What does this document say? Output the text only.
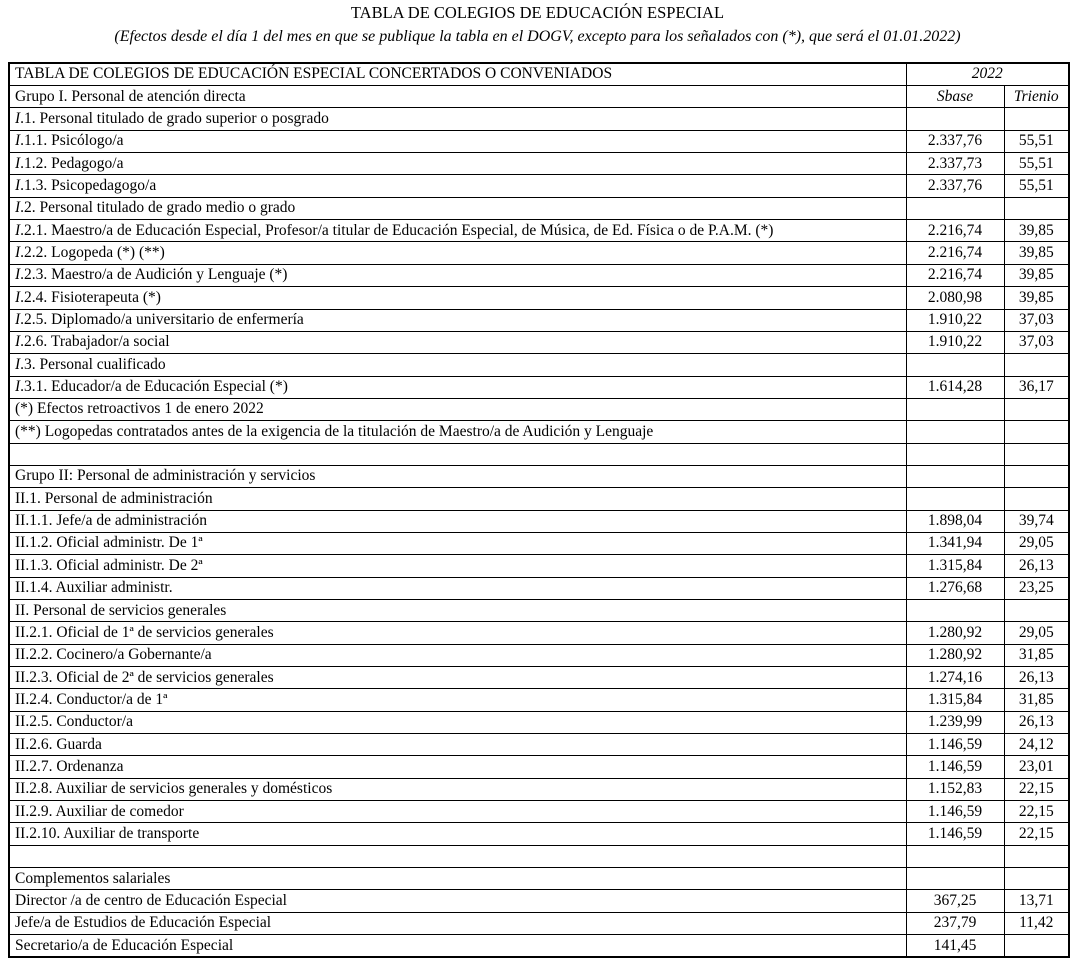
TABLA DE COLEGIOS DE EDUCACIÓN ESPECIAL
(Efectos desde el día 1 del mes en que se publique la tabla en el DOGV, excepto para los señalados con (*), que será el 01.01.2022)
TABLA DE COLEGIOS DE EDUCACIÓN ESPECIAL CONCERTADOS O CONVENIADOS	2022	
Grupo I. Personal de atención directa	Sbase	Trienio
I.1. Personal titulado de grado superior o posgrado		
I.1.1. Psicólogo/a	2.337,76	55,51
I.1.2. Pedagogo/a	2.337,73	55,51
I.1.3. Psicopedagogo/a	2.337,76	55,51
I.2. Personal titulado de grado medio o grado		
I.2.1. Maestro/a de Educación Especial, Profesor/a titular de Educación Especial, de Música, de Ed. Física o de P.A.M. (*)	2.216,74	39,85
I.2.2. Logopeda (*) (**)	2.216,74	39,85
I.2.3. Maestro/a de Audición y Lenguaje (*)	2.216,74	39,85
I.2.4. Fisioterapeuta (*)	2.080,98	39,85
I.2.5. Diplomado/a universitario de enfermería	1.910,22	37,03
I.2.6. Trabajador/a social	1.910,22	37,03
I.3. Personal cualificado		
I.3.1. Educador/a de Educación Especial (*)	1.614,28	36,17
(*) Efectos retroactivos 1 de enero 2022		
(**) Logopedas contratados antes de la exigencia de la titulación de Maestro/a de Audición y Lenguaje		

Grupo II: Personal de administración y servicios		
II.1. Personal de administración		
II.1.1. Jefe/a de administración	1.898,04	39,74
II.1.2. Oficial administr. De 1ª	1.341,94	29,05
II.1.3. Oficial administr. De 2ª	1.315,84	26,13
II.1.4. Auxiliar administr.	1.276,68	23,25
II. Personal de servicios generales		
II.2.1. Oficial de 1ª de servicios generales	1.280,92	29,05
II.2.2. Cocinero/a Gobernante/a	1.280,92	31,85
II.2.3. Oficial de 2ª de servicios generales	1.274,16	26,13
II.2.4. Conductor/a de 1ª	1.315,84	31,85
II.2.5. Conductor/a	1.239,99	26,13
II.2.6. Guarda	1.146,59	24,12
II.2.7. Ordenanza	1.146,59	23,01
II.2.8. Auxiliar de servicios generales y domésticos	1.152,83	22,15
II.2.9. Auxiliar de comedor	1.146,59	22,15
II.2.10. Auxiliar de transporte	1.146,59	22,15

Complementos salariales		
Director /a de centro de Educación Especial	367,25	13,71
Jefe/a de Estudios de Educación Especial	237,79	11,42
Secretario/a de Educación Especial	141,45	
